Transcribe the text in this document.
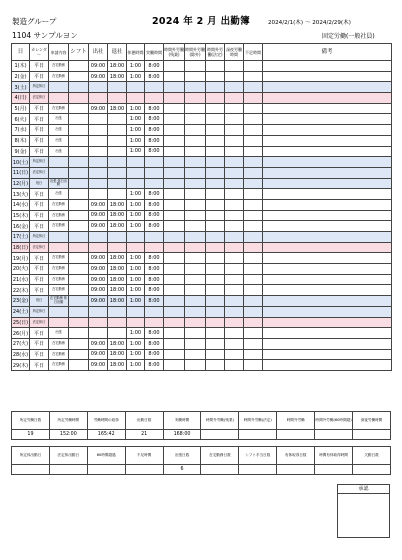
製造グループ
1104 サンプルヨン
2024 年 2 月 出勤簿	2024/2/1(木) ～ 2024/2/29(木)
固定労働(一般社員)
日	カレンダー	申請内容	シフト	出社	退社	休憩時間	実働時間	時間外労働(残業)	時間外労働(除外)	時間外労働(法定)	深夜労働時間	不足時間	備考
1(木)	平日	在宅勤務		09:00	18:00	1:00	8:00						
2(金)	平日	在宅勤務		09:00	18:00	1:00	8:00						
3(土)	所定休日												
4(日)	法定休日												
5(月)	平日	在宅勤務		09:00	18:00	1:00	8:00						
6(火)	平日	出張				1:00	8:00						
7(水)	平日	出張				1:00	8:00						
8(木)	平日	出張				1:00	8:00						
9(金)	平日	出張				1:00	8:00						
10(土)	所定休日												
11(日)	法定休日												
12(月)	祝日	出張 休日出勤											
13(火)	平日	出張				1:00	8:00						
14(水)	平日	在宅勤務		09:00	18:00	1:00	8:00						
15(木)	平日	在宅勤務		09:00	18:00	1:00	8:00						
16(金)	平日	在宅勤務		09:00	18:00	1:00	8:00						
17(土)	所定休日												
18(日)	法定休日												
19(月)	平日	在宅勤務		09:00	18:00	1:00	8:00						
20(火)	平日	在宅勤務		09:00	18:00	1:00	8:00						
21(水)	平日	在宅勤務		09:00	18:00	1:00	8:00						
22(木)	平日	在宅勤務		09:00	18:00	1:00	8:00						
23(金)	祝日	在宅勤務 休日出勤		09:00	18:00	1:00	8:00						
24(土)	所定休日												
25(日)	法定休日												
26(月)	平日	出張				1:00	8:00						
27(火)	平日	在宅勤務		09:00	18:00	1:00	8:00						
28(水)	平日	在宅勤務		09:00	18:00	1:00	8:00						
29(木)	平日	在宅勤務		09:00	18:00	1:00	8:00						
所定労働日数	所定労働時間	労働時間の総枠	出勤日数	実働時間	時間外労働(残業)	時間外労働(法定)	時間外労働	時間外労働(60時間超)	深夜労働時間
19	152:00	165:42	21	168:00					
所定休出勤日	法定休出勤日	60時間超過	不足時間	出張日数	在宅勤務日数	シフト手当日数	有休取得日数	時間有休取得時間	欠勤日数
				6					
承認
